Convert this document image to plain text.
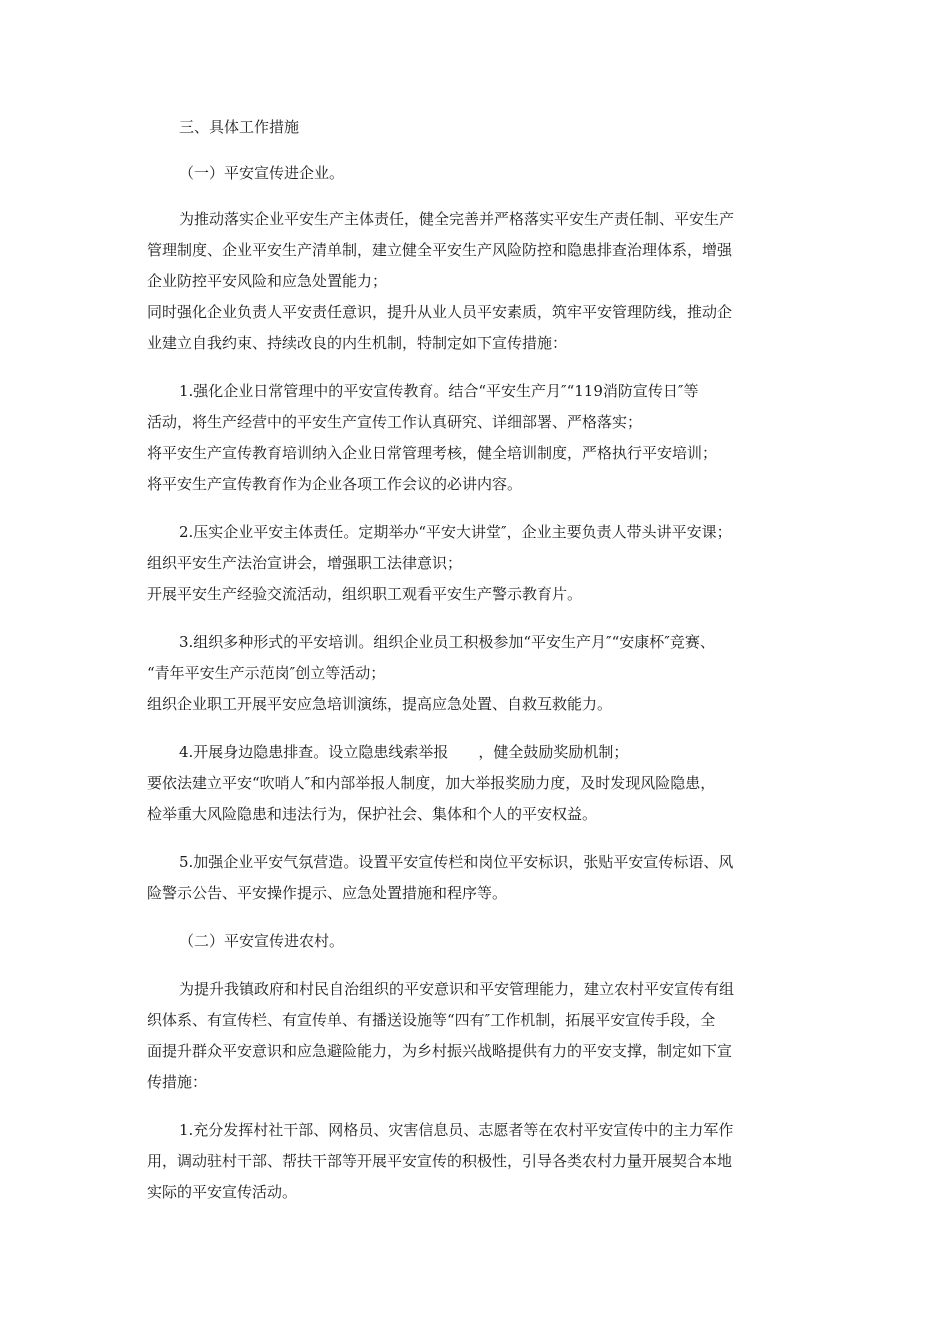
三、具体工作措施

（一）平安宣传进企业。

为推动落实企业平安生产主体责任，健全完善并严格落实平安生产责任制、平安生产

管理制度、企业平安生产清单制，建立健全平安生产风险防控和隐患排查治理体系，增强

企业防控平安风险和应急处置能力；

同时强化企业负责人平安责任意识，提升从业人员平安素质，筑牢平安管理防线，推动企

业建立自我约束、持续改良的内生机制，特制定如下宣传措施：

1.强化企业日常管理中的平安宣传教育。结合“平安生产月″“119消防宣传日″等

活动，将生产经营中的平安生产宣传工作认真研究、详细部署、严格落实；

将平安生产宣传教育培训纳入企业日常管理考核，健全培训制度，严格执行平安培训；

将平安生产宣传教育作为企业各项工作会议的必讲内容。

2.压实企业平安主体责任。定期举办“平安大讲堂″，企业主要负责人带头讲平安课；

组织平安生产法治宣讲会，增强职工法律意识；

开展平安生产经验交流活动，组织职工观看平安生产警示教育片。

3.组织多种形式的平安培训。组织企业员工积极参加“平安生产月″“安康杯″竞赛、

“青年平安生产示范岗″创立等活动；

组织企业职工开展平安应急培训演练，提高应急处置、自救互救能力。

4.开展身边隐患排查。设立隐患线索举报　　，健全鼓励奖励机制；

要依法建立平安“吹哨人″和内部举报人制度，加大举报奖励力度，及时发现风险隐患，

检举重大风险隐患和违法行为，保护社会、集体和个人的平安权益。

5.加强企业平安气氛营造。设置平安宣传栏和岗位平安标识，张贴平安宣传标语、风

险警示公告、平安操作提示、应急处置措施和程序等。

（二）平安宣传进农村。

为提升我镇政府和村民自治组织的平安意识和平安管理能力，建立农村平安宣传有组

织体系、有宣传栏、有宣传单、有播送设施等“四有″工作机制，拓展平安宣传手段，全

面提升群众平安意识和应急避险能力，为乡村振兴战略提供有力的平安支撑，制定如下宣

传措施：

1.充分发挥村社干部、网格员、灾害信息员、志愿者等在农村平安宣传中的主力军作

用，调动驻村干部、帮扶干部等开展平安宣传的积极性，引导各类农村力量开展契合本地

实际的平安宣传活动。
